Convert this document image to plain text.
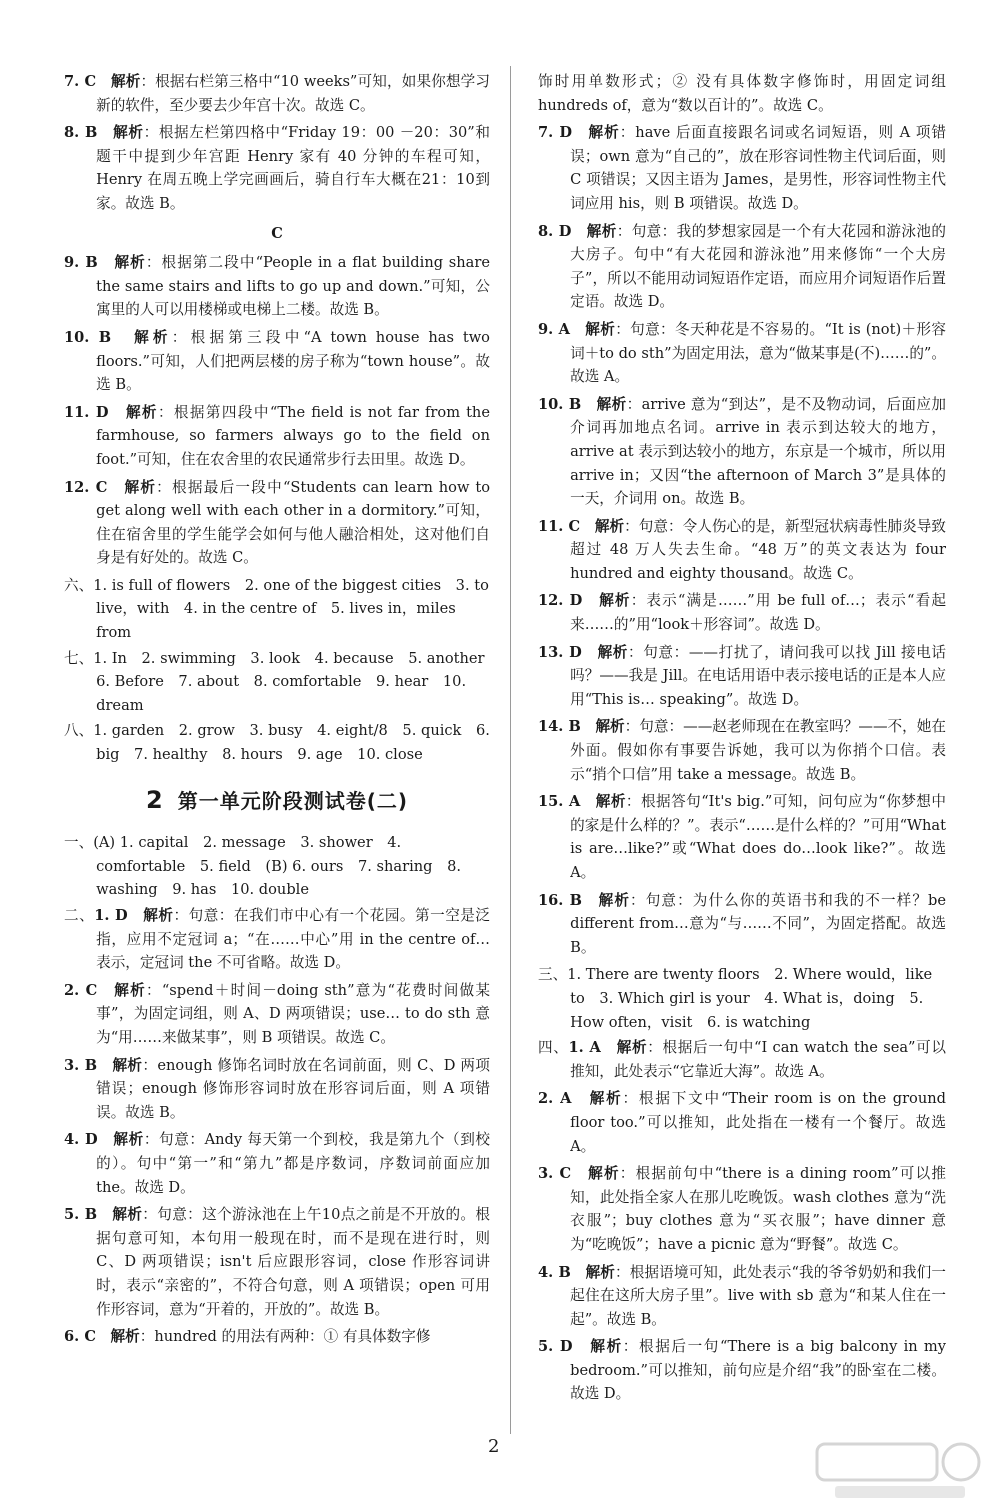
7. C　解析：根据右栏第三格中“10 weeks”可知，如果你想学习新的软件，至少要去少年宫十次。故选 C。
8. B　解析：根据左栏第四格中“Friday 19：00 －20：30”和题干中提到少年宫距 Henry 家有 40 分钟的车程可知，Henry 在周五晚上学完画画后，骑自行车大概在21：10到家。故选 B。
C
9. B　解析：根据第二段中“People in a flat building share the same stairs and lifts to go up and down.”可知，公寓里的人可以用楼梯或电梯上二楼。故选 B。
10. B　解析：根据第三段中“A town house has two floors.”可知，人们把两层楼的房子称为“town house”。故选 B。
11. D　解析：根据第四段中“The field is not far from the farmhouse, so farmers always go to the field on foot.”可知，住在农舍里的农民通常步行去田里。故选 D。
12. C　解析：根据最后一段中“Students can learn how to get along well with each other in a dormitory.”可知，住在宿舍里的学生能学会如何与他人融洽相处，这对他们自身是有好处的。故选 C。
六、1. is full of flowers　2. one of the biggest cities　3. to live，with　4. in the centre of　5. lives in，miles from
七、1. In　2. swimming　3. look　4. because　5. another　6. Before　7. about　8. comfortable　9. hear　10. dream
八、1. garden　2. grow　3. busy　4. eight/8　5. quick　6. big　7. healthy　8. hours　9. age　10. close
2 第一单元阶段测试卷(二)
一、(A) 1. capital　2. message　3. shower　4. comfortable　5. field　(B) 6. ours　7. sharing　8. washing　9. has　10. double
二、1. D　解析：句意：在我们市中心有一个花园。第一空是泛指，应用不定冠词 a；“在……中心”用 in the centre of…表示，定冠词 the 不可省略。故选 D。
2. C　解析：“spend＋时间－doing sth”意为“花费时间做某事”，为固定词组，则 A、D 两项错误；use… to do sth 意为“用……来做某事”，则 B 项错误。故选 C。
3. B　解析：enough 修饰名词时放在名词前面，则 C、D 两项错误；enough 修饰形容词时放在形容词后面，则 A 项错误。故选 B。
4. D　解析：句意：Andy 每天第一个到校，我是第九个（到校的）。句中“第一”和“第九”都是序数词，序数词前面应加 the。故选 D。
5. B　解析：句意：这个游泳池在上午10点之前是不开放的。根据句意可知，本句用一般现在时，而不是现在进行时，则 C、D 两项错误；isn't 后应跟形容词，close 作形容词讲时，表示“亲密的”，不符合句意，则 A 项错误；open 可用作形容词，意为“开着的，开放的”。故选 B。
6. C　解析：hundred 的用法有两种：① 有具体数字修
饰时用单数形式；② 没有具体数字修饰时，用固定词组 hundreds of，意为“数以百计的”。故选 C。
7. D　解析：have 后面直接跟名词或名词短语，则 A 项错误；own 意为“自己的”，放在形容词性物主代词后面，则 C 项错误；又因主语为 James，是男性，形容词性物主代词应用 his，则 B 项错误。故选 D。
8. D　解析：句意：我的梦想家园是一个有大花园和游泳池的大房子。句中“有大花园和游泳池”用来修饰“一个大房子”，所以不能用动词短语作定语，而应用介词短语作后置定语。故选 D。
9. A　解析：句意：冬天种花是不容易的。“It is (not)＋形容词＋to do sth”为固定用法，意为“做某事是(不)……的”。故选 A。
10. B　解析：arrive 意为“到达”，是不及物动词，后面应加介词再加地点名词。arrive in 表示到达较大的地方，arrive at 表示到达较小的地方，东京是一个城市，所以用 arrive in；又因“the afternoon of March 3”是具体的一天，介词用 on。故选 B。
11. C　解析：句意：令人伤心的是，新型冠状病毒性肺炎导致超过 48 万人失去生命。“48 万”的英文表达为 four hundred and eighty thousand。故选 C。
12. D　解析：表示“满是……”用 be full of…；表示“看起来……的”用“look＋形容词”。故选 D。
13. D　解析：句意：——打扰了，请问我可以找 Jill 接电话吗？——我是 Jill。在电话用语中表示接电话的正是本人应用“This is… speaking”。故选 D。
14. B　解析：句意：——赵老师现在在教室吗？——不，她在外面。假如你有事要告诉她，我可以为你捎个口信。表示“捎个口信”用 take a message。故选 B。
15. A　解析：根据答句“It's big.”可知，问句应为“你梦想中的家是什么样的？”。表示“……是什么样的？”可用“What is are…like?”或“What does do…look like?”。故选 A。
16. B　解析：句意：为什么你的英语书和我的不一样？be different from…意为“与……不同”，为固定搭配。故选 B。
三、1. There are twenty floors　2. Where would，like to　3. Which girl is your　4. What is，doing　5. How often，visit　6. is watching
四、1. A　解析：根据后一句中“I can watch the sea”可以推知，此处表示“它靠近大海”。故选 A。
2. A　解析：根据下文中“Their room is on the ground floor too.”可以推知，此处指在一楼有一个餐厅。故选 A。
3. C　解析：根据前句中“there is a dining room”可以推知，此处指全家人在那儿吃晚饭。wash clothes 意为“洗衣服”；buy clothes 意为“买衣服”；have dinner 意为“吃晚饭”；have a picnic 意为“野餐”。故选 C。
4. B　解析：根据语境可知，此处表示“我的爷爷奶奶和我们一起住在这所大房子里”。live with sb 意为“和某人住在一起”。故选 B。
5. D　解析：根据后一句“There is a big balcony in my bedroom.”可以推知，前句应是介绍“我”的卧室在二楼。故选 D。
2
